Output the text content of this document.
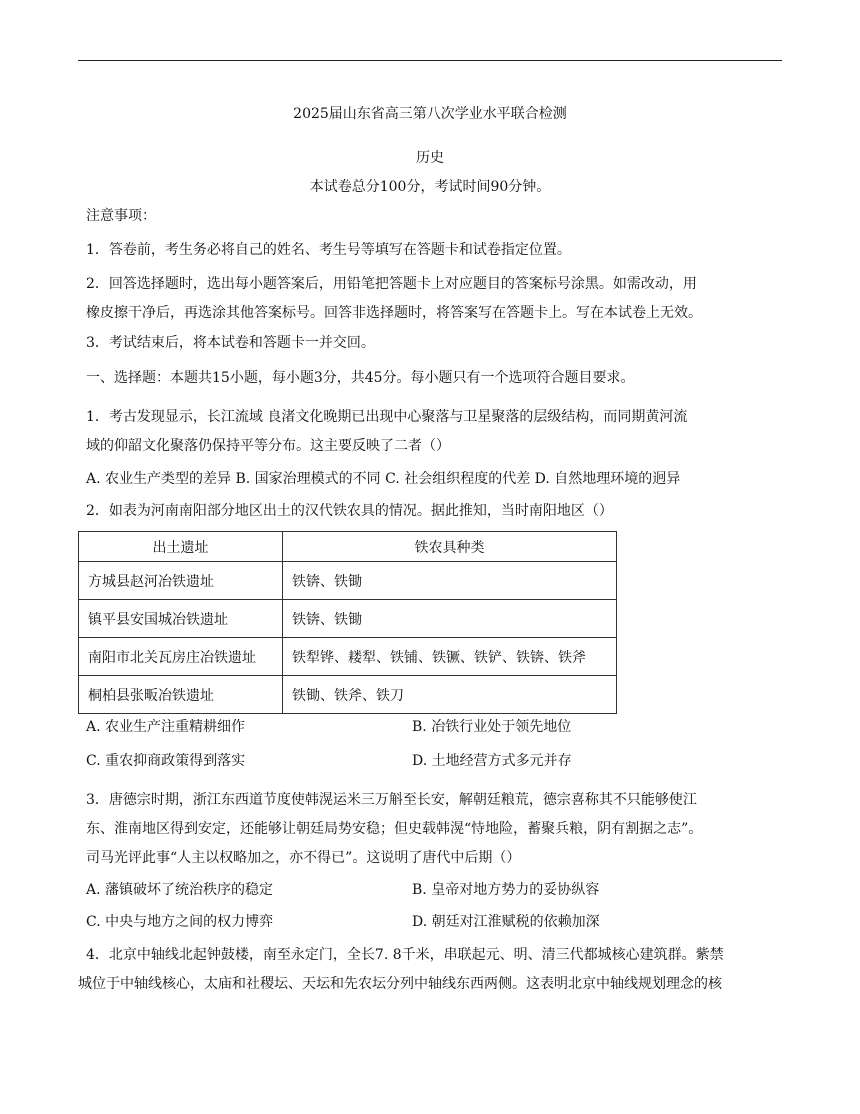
2025届山东省高三第八次学业水平联合检测
历史
本试卷总分100分，考试时间90分钟。
注意事项：
1．答卷前，考生务必将自己的姓名、考生号等填写在答题卡和试卷指定位置。
2．回答选择题时，选出每小题答案后，用铅笔把答题卡上对应题目的答案标号涂黑。如需改动，用
橡皮擦干净后，再选涂其他答案标号。回答非选择题时，将答案写在答题卡上。写在本试卷上无效。
3．考试结束后，将本试卷和答题卡一并交回。
一、选择题：本题共15小题，每小题3分，共45分。每小题只有一个选项符合题目要求。
1．考古发现显示，长江流域 良渚文化晚期已出现中心聚落与卫星聚落的层级结构，而同期黄河流
域的仰韶文化聚落仍保持平等分布。这主要反映了二者（）
A. 农业生产类型的差异 B. 国家治理模式的不同 C. 社会组织程度的代差 D. 自然地理环境的迥异
2．如表为河南南阳部分地区出土的汉代铁农具的情况。据此推知，当时南阳地区（）
出土遗址	铁农具种类
方城县赵河冶铁遗址	铁锛、铁锄
镇平县安国城冶铁遗址	铁锛、铁锄
南阳市北关瓦房庄冶铁遗址	铁犁铧、耧犁、铁铺、铁镢、铁铲、铁锛、铁斧
桐柏县张畈冶铁遗址	铁锄、铁斧、铁刀
A. 农业生产注重精耕细作	B. 冶铁行业处于领先地位
C. 重农抑商政策得到落实	D. 土地经营方式多元并存
3．唐德宗时期，浙江东西道节度使韩滉运米三万斛至长安，解朝廷粮荒，德宗喜称其不只能够使江
东、淮南地区得到安定，还能够让朝廷局势安稳；但史载韩滉“恃地险，蓄聚兵粮，阴有割据之志”。
司马光评此事“人主以权略加之，亦不得已”。这说明了唐代中后期（）
A. 藩镇破坏了统治秩序的稳定	B. 皇帝对地方势力的妥协纵容
C. 中央与地方之间的权力博弈	D. 朝廷对江淮赋税的依赖加深
4．北京中轴线北起钟鼓楼，南至永定门，全长7. 8千米，串联起元、明、清三代都城核心建筑群。紫禁
城位于中轴线核心，太庙和社稷坛、天坛和先农坛分列中轴线东西两侧。这表明北京中轴线规划理念的核
